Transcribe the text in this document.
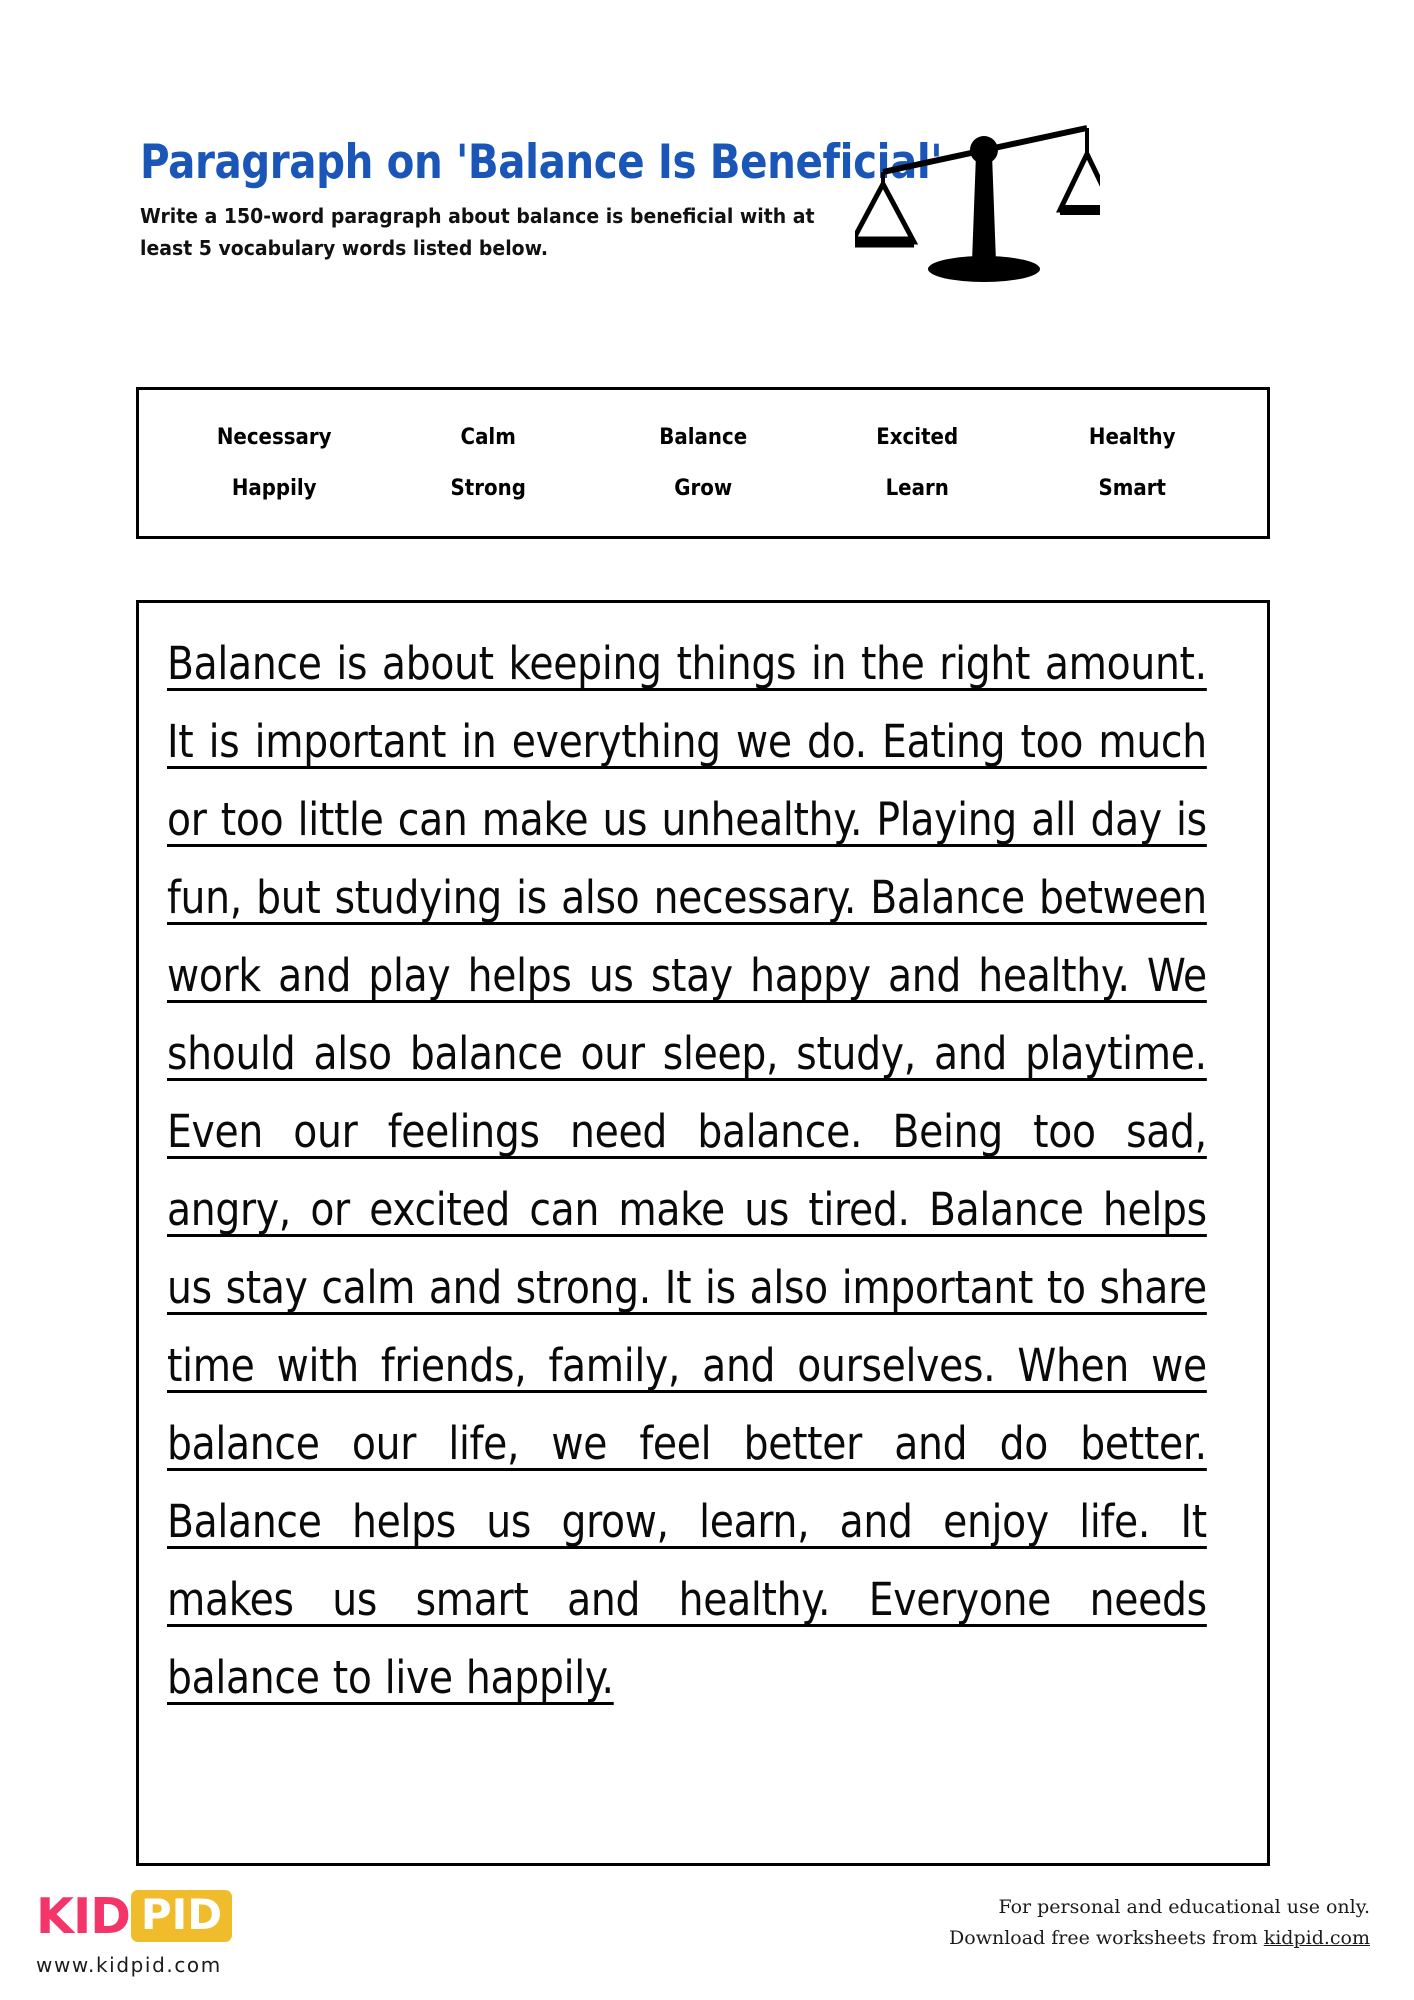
Paragraph on 'Balance Is Beneficial'

Write a 150-word paragraph about balance is beneficial with at least 5 vocabulary words listed below.

Necessary	Calm	Balance	Excited	Healthy
Happily	Strong	Grow	Learn	Smart

Balance is about keeping things in the right amount. It is important in everything we do. Eating too much or too little can make us unhealthy. Playing all day is fun, but studying is also necessary. Balance between work and play helps us stay happy and healthy. We should also balance our sleep, study, and playtime. Even our feelings need balance. Being too sad, angry, or excited can make us tired. Balance helps us stay calm and strong. It is also important to share time with friends, family, and ourselves. When we balance our life, we feel better and do better. Balance helps us grow, learn, and enjoy life. It makes us smart and healthy. Everyone needs balance to live happily.

KID PID
www.kidpid.com
For personal and educational use only.
Download free worksheets from kidpid.com
